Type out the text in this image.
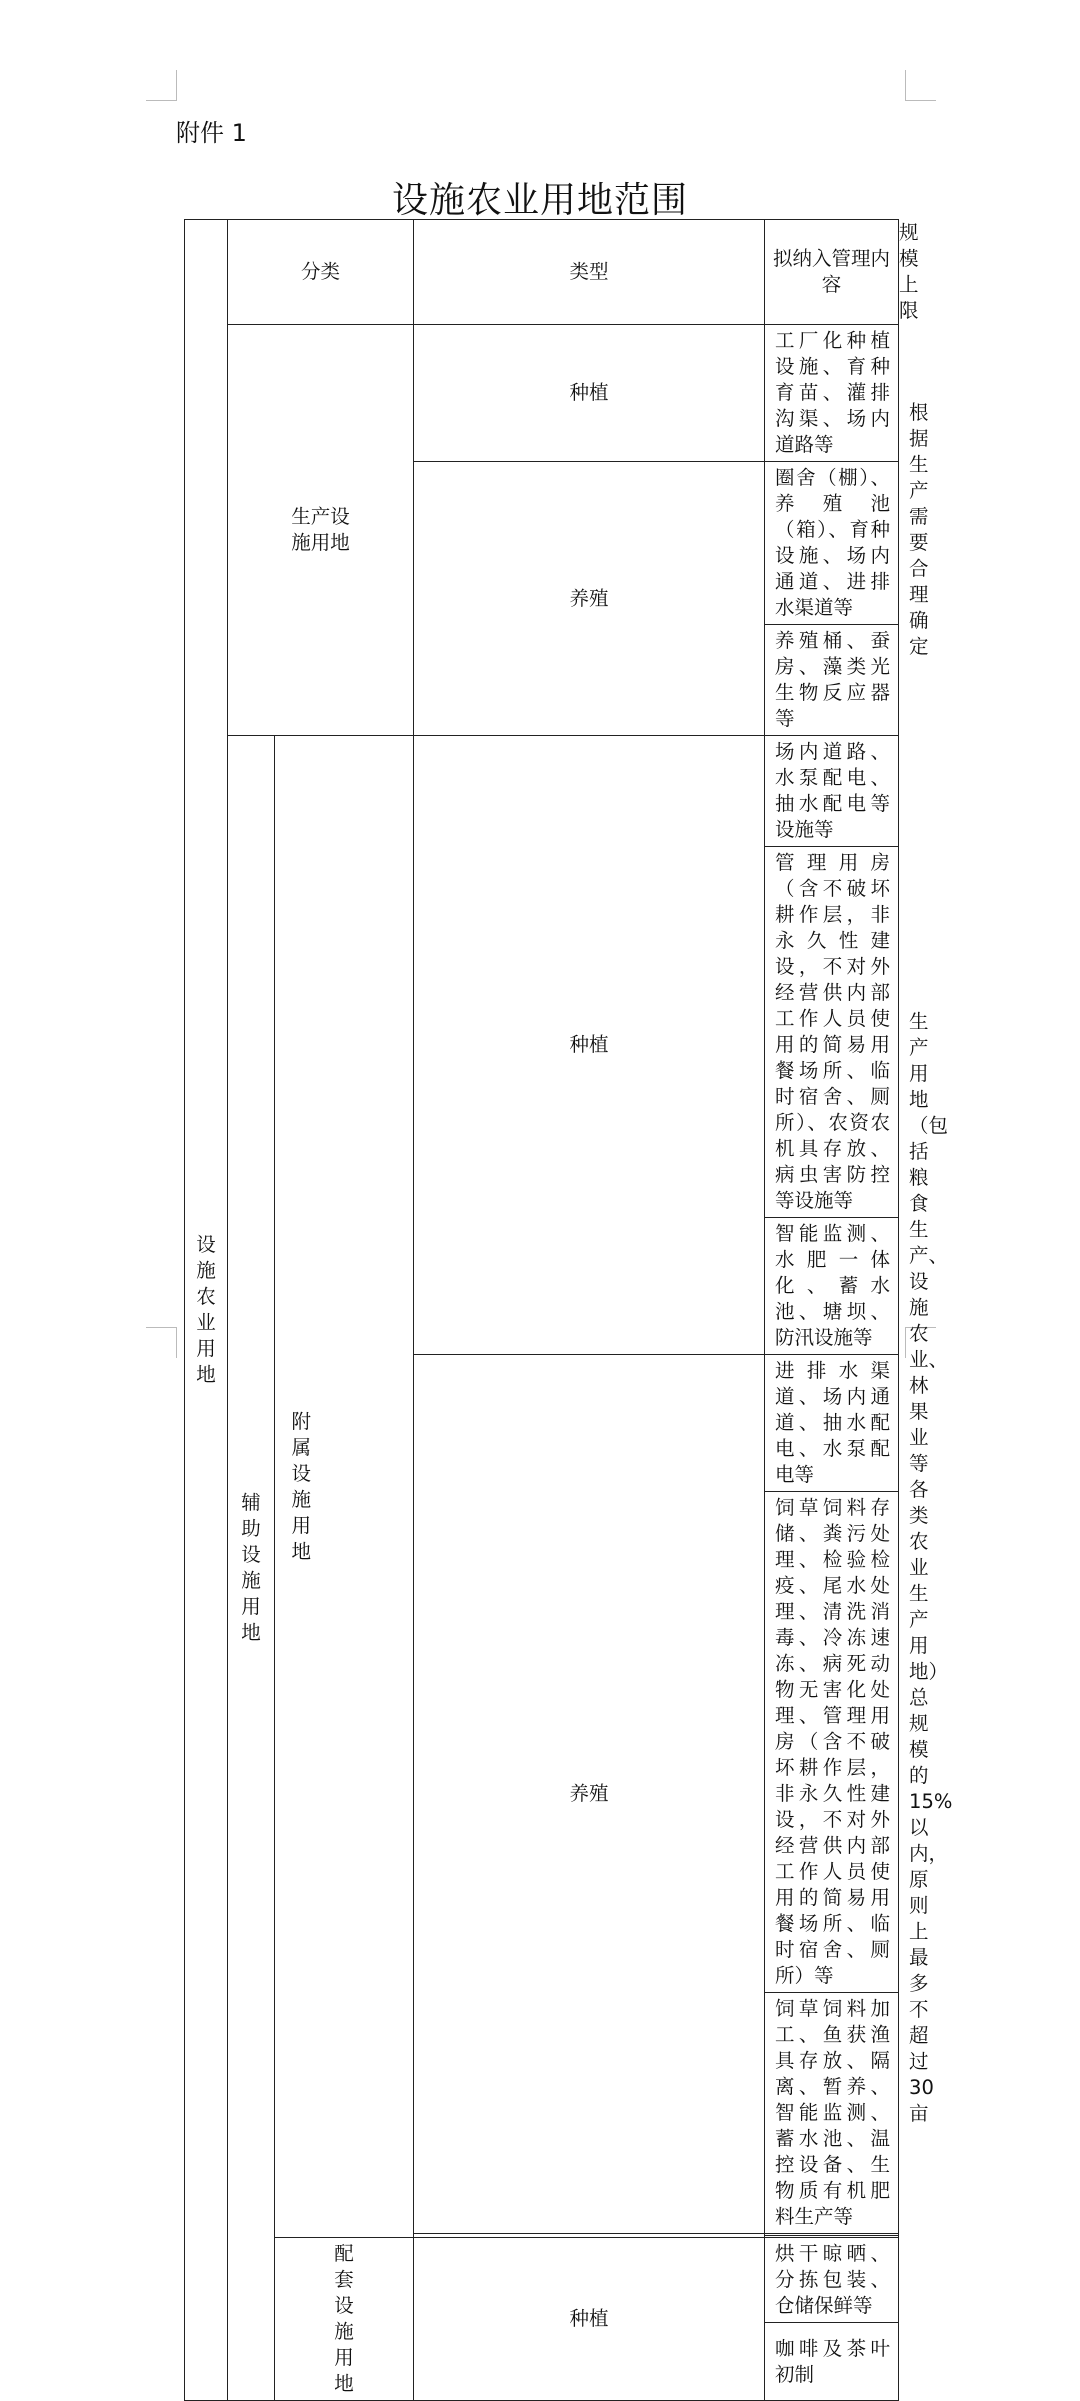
附件 1
设施农业用地范围
设施农业用地	分类			类型	拟纳入管理内容	规模上限

	生产设施用地			种植	工厂化种植设施、育种育苗、灌排沟渠、场内道路等	根据生产需要合理确定
				养殖	圈舍（棚）、养殖池（箱）、育种设施、场内通道、进排水渠道等	
					养殖桶、蚕房、藻类光生物反应器等	
	辅助设施用地	附属设施用地		种植	场内道路、水泵配电、抽水配电等设施等	生产用地（包括粮食生产、设施农业、林果业等各类农业生产用地）总规模的15%以内，原则上最多不超过 30亩
					管理用房（含不破坏耕作层，非永久性建设，不对外经营供内部工作人员使用的简易用餐场所、临时宿舍、厕所）、农资农机具存放、病虫害防控等设施等	
					智能监测、水肥一体化、蓄水池、塘坝、防汛设施等	
				养殖	进排水渠道、场内通道、抽水配电、水泵配电等	
					饲草饲料存储、粪污处理、检验检疫、尾水处理、清洗消毒、冷冻速冻、病死动物无害化处理、管理用房（含不破坏耕作层，非永久性建设，不对外经营供内部工作人员使用的简易用餐场所、临时宿舍、厕所）等	
					饲草饲料加工、鱼获渔具存放、隔离、暂养、智能监测、蓄水池、温控设备、生物质有机肥料生产等	

		配套设施用地		种植	烘干晾晒、分拣包装、仓储保鲜等	
					咖啡及茶叶初制	
